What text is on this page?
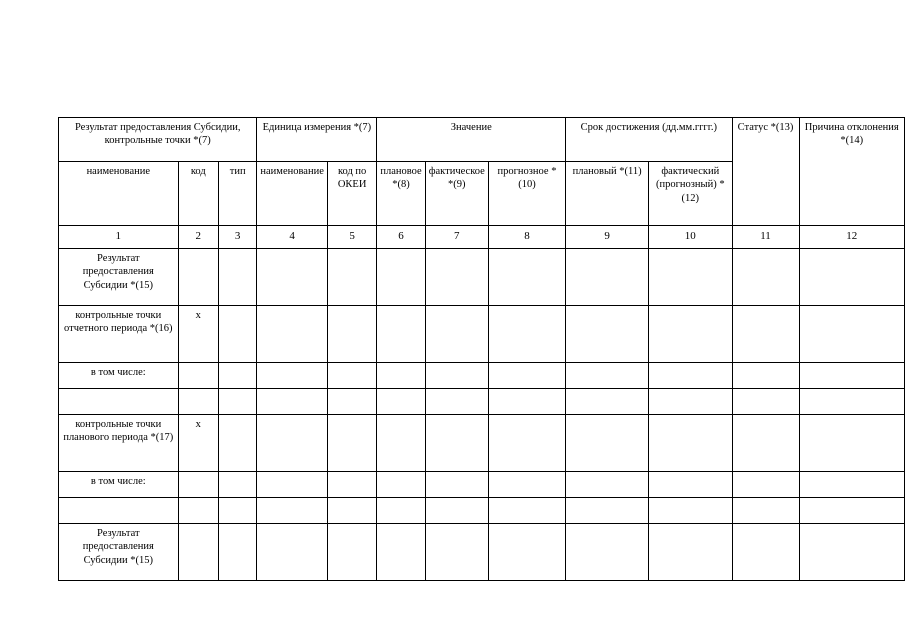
Результат предоставления Субсидии, контрольные точки *(7)			Единица измерения *(7)		Значение			Срок достижения (дд.мм.гггг.)		Статус *(13)	Причина отклонения *(14)
наименование	код	тип	наименование	код по ОКЕИ	плановое *(8)	фактическое *(9)	прогнозное *(10)	плановый *(11)	фактический (прогнозный) *(12)		
1	2	3	4	5	6	7	8	9	10	11	12
Результат предоставления Субсидии *(15)											
контрольные точки отчетного периода *(16)	x										
в том числе:											

контрольные точки планового периода *(17)	x										
в том числе:											

Результат предоставления Субсидии *(15)											
